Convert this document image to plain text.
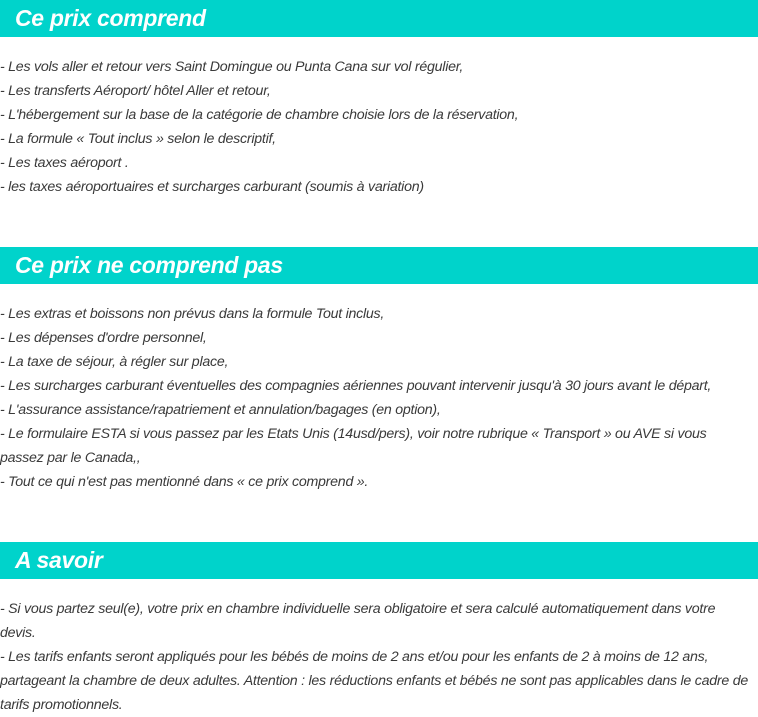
Ce prix comprend
- Les vols aller et retour vers Saint Domingue ou Punta Cana sur vol régulier,
- Les transferts Aéroport/ hôtel Aller et retour,
- L'hébergement sur la base de la catégorie de chambre choisie lors de la réservation,
- La formule « Tout inclus » selon le descriptif,
- Les taxes aéroport .
- les taxes aéroportuaires et surcharges carburant (soumis à variation)
Ce prix ne comprend pas
- Les extras et boissons non prévus dans la formule Tout inclus,
- Les dépenses d'ordre personnel,
- La taxe de séjour, à régler sur place,
- Les surcharges carburant éventuelles des compagnies aériennes pouvant intervenir jusqu'à 30 jours avant le départ,
- L'assurance assistance/rapatriement et annulation/bagages (en option),
- Le formulaire ESTA si vous passez par les Etats Unis (14usd/pers), voir notre rubrique « Transport » ou AVE si vous passez par le Canada,,
- Tout ce qui n'est pas mentionné dans « ce prix comprend ».
A savoir
- Si vous partez seul(e), votre prix en chambre individuelle sera obligatoire et sera calculé automatiquement dans votre devis.
- Les tarifs enfants seront appliqués pour les bébés de moins de 2 ans et/ou pour les enfants de 2 à moins de 12 ans, partageant la chambre de deux adultes. Attention : les réductions enfants et bébés ne sont pas applicables dans le cadre de tarifs promotionnels.
